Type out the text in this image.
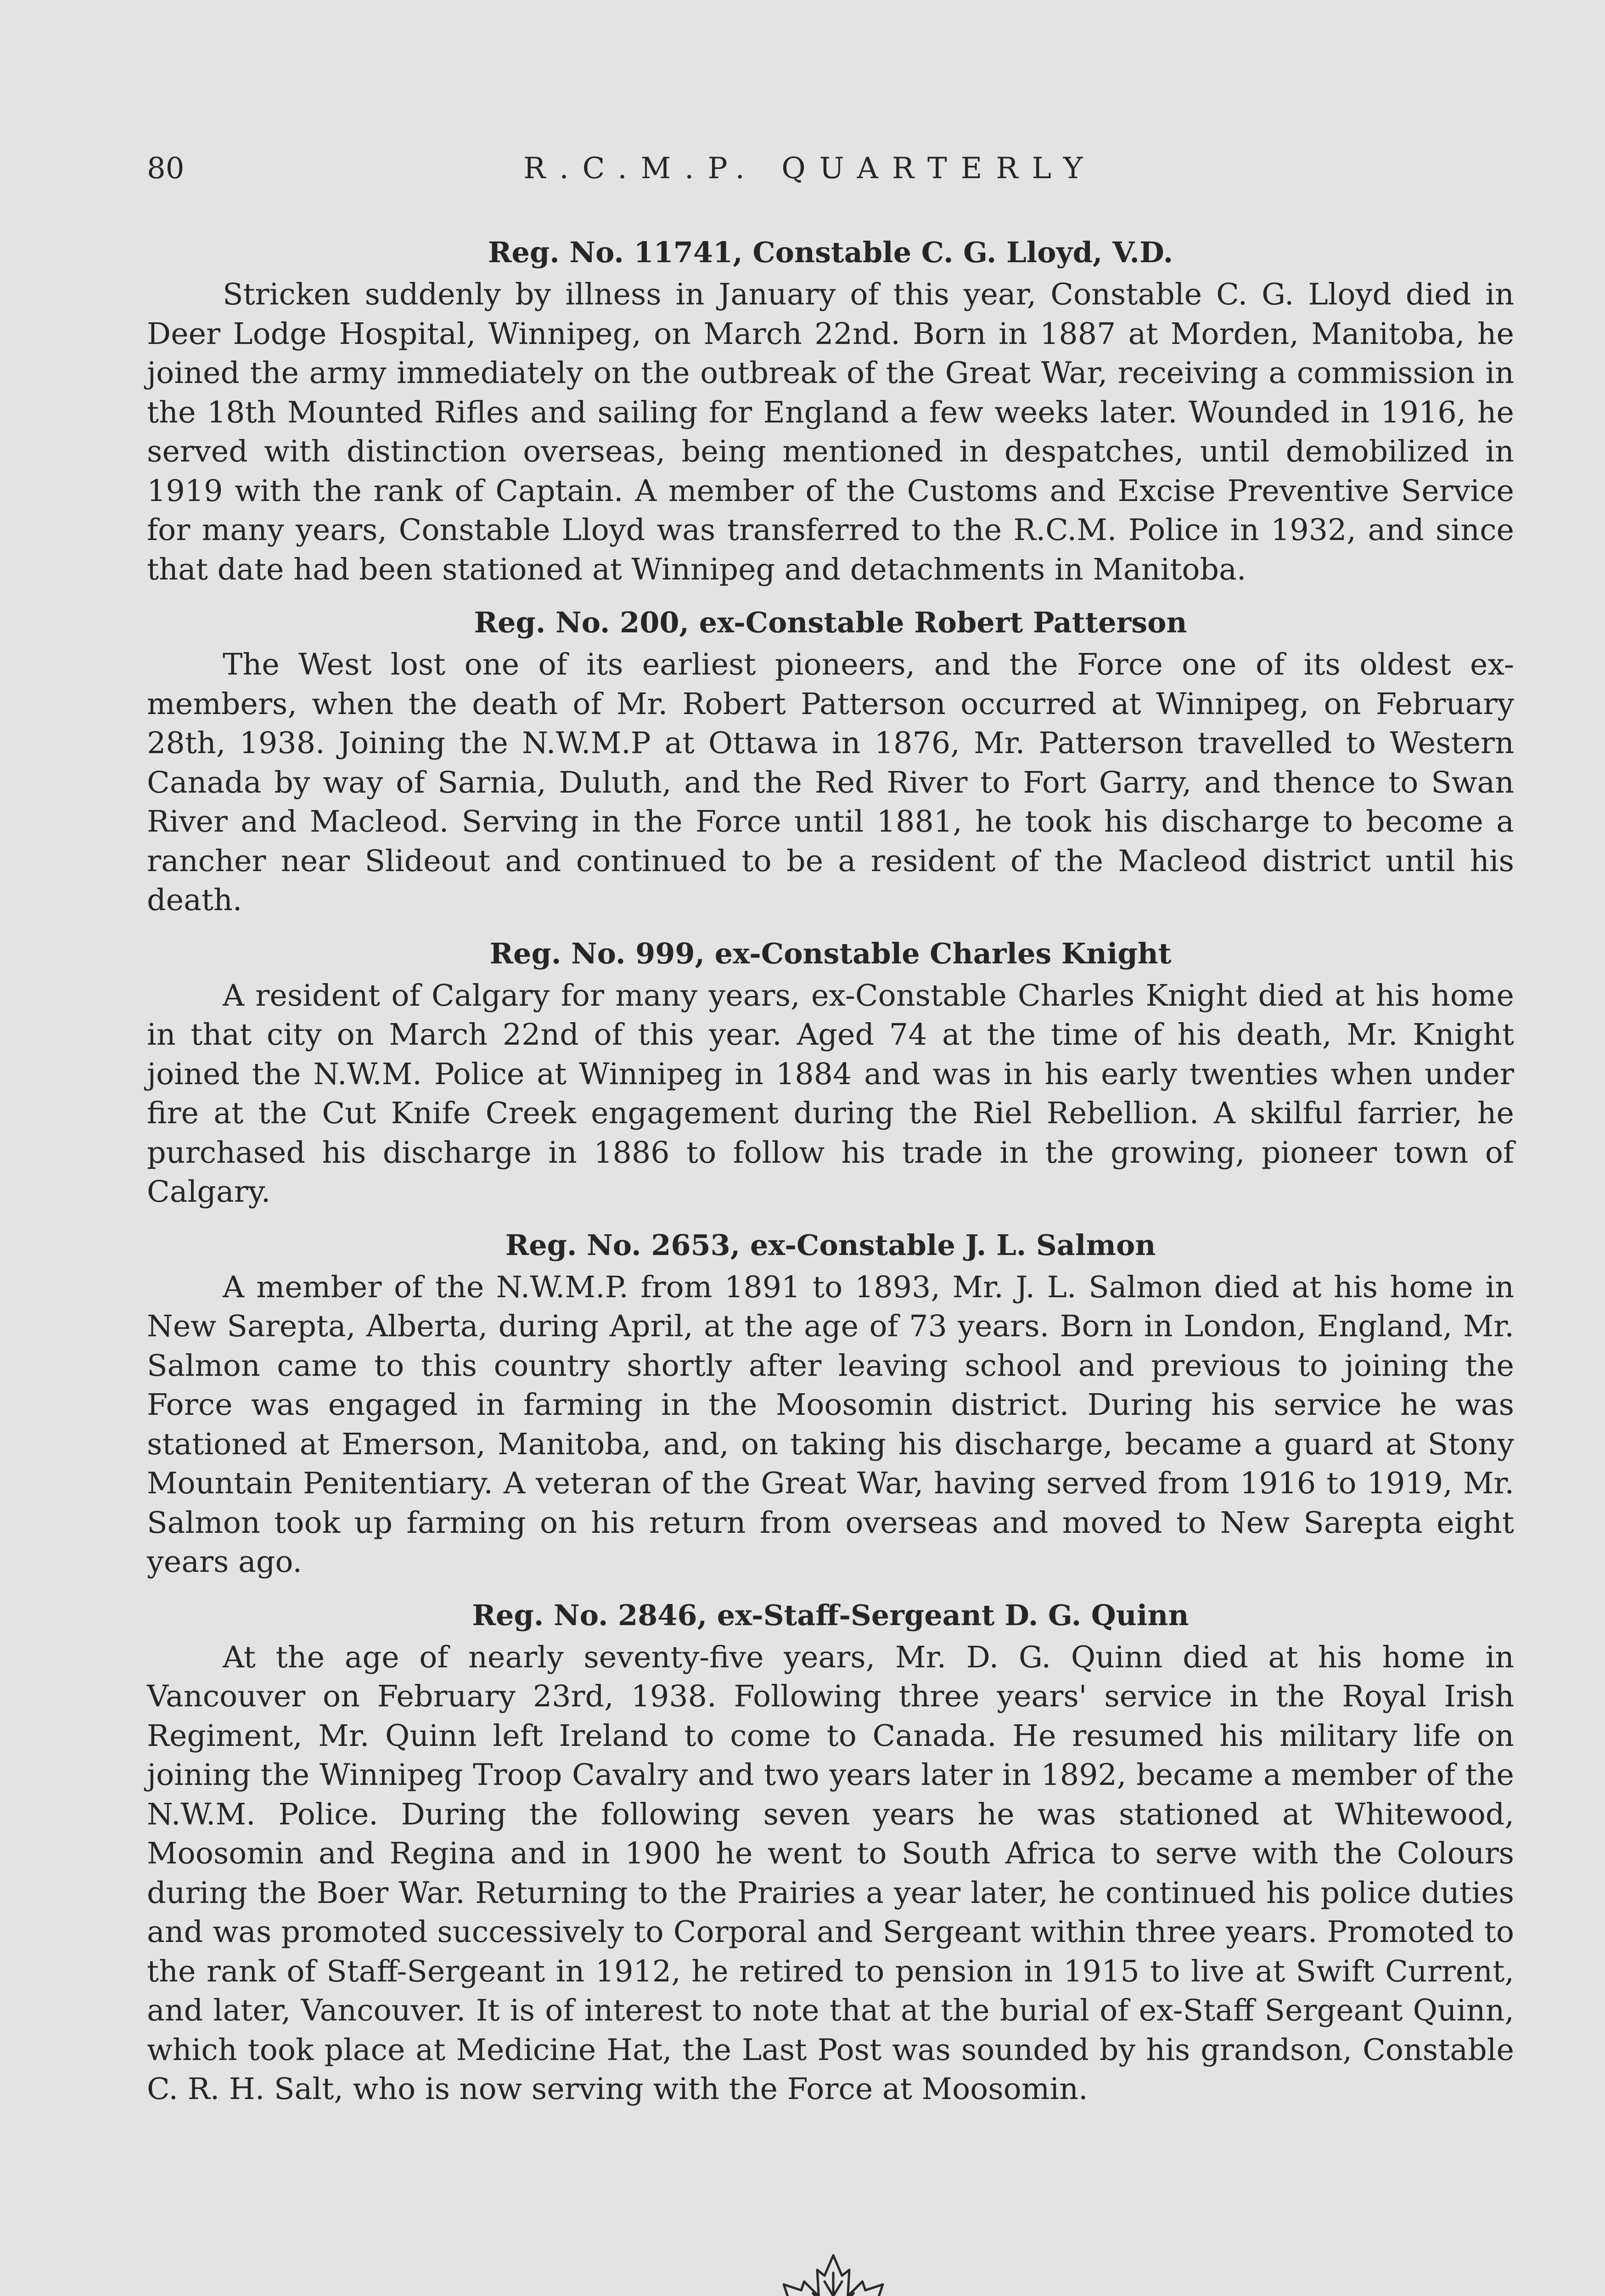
80	R.C.M.P. QUARTERLY
Reg. No. 11741, Constable C. G. Lloyd, V.D.

Stricken suddenly by illness in January of this year, Constable C. G. Lloyd died in Deer Lodge Hospital, Winnipeg, on March 22nd. Born in 1887 at Morden, Manitoba, he joined the army immediately on the outbreak of the Great War, receiving a commission in the 18th Mounted Rifles and sailing for England a few weeks later. Wounded in 1916, he served with distinction overseas, being mentioned in despatches, until demobilized in 1919 with the rank of Captain. A member of the Customs and Excise Preventive Service for many years, Constable Lloyd was transferred to the R.C.M. Police in 1932, and since that date had been stationed at Winnipeg and detachments in Manitoba.

Reg. No. 200, ex-Constable Robert Patterson

The West lost one of its earliest pioneers, and the Force one of its oldest ex-members, when the death of Mr. Robert Patterson occurred at Winnipeg, on February 28th, 1938. Joining the N.W.M.P at Ottawa in 1876, Mr. Patterson travelled to Western Canada by way of Sarnia, Duluth, and the Red River to Fort Garry, and thence to Swan River and Macleod. Serving in the Force until 1881, he took his discharge to become a rancher near Slideout and continued to be a resident of the Macleod district until his death.

Reg. No. 999, ex-Constable Charles Knight

A resident of Calgary for many years, ex-Constable Charles Knight died at his home in that city on March 22nd of this year. Aged 74 at the time of his death, Mr. Knight joined the N.W.M. Police at Winnipeg in 1884 and was in his early twenties when under fire at the Cut Knife Creek engagement during the Riel Rebellion. A skilful farrier, he purchased his discharge in 1886 to follow his trade in the growing, pioneer town of Calgary.

Reg. No. 2653, ex-Constable J. L. Salmon

A member of the N.W.M.P. from 1891 to 1893, Mr. J. L. Salmon died at his home in New Sarepta, Alberta, during April, at the age of 73 years. Born in London, England, Mr. Salmon came to this country shortly after leaving school and previous to joining the Force was engaged in farming in the Moosomin district. During his service he was stationed at Emerson, Manitoba, and, on taking his discharge, became a guard at Stony Mountain Penitentiary. A veteran of the Great War, having served from 1916 to 1919, Mr. Salmon took up farming on his return from overseas and moved to New Sarepta eight years ago.

Reg. No. 2846, ex-Staff-Sergeant D. G. Quinn

At the age of nearly seventy-five years, Mr. D. G. Quinn died at his home in Vancouver on February 23rd, 1938. Following three years' service in the Royal Irish Regiment, Mr. Quinn left Ireland to come to Canada. He resumed his military life on joining the Winnipeg Troop Cavalry and two years later in 1892, became a member of the N.W.M. Police. During the following seven years he was stationed at Whitewood, Moosomin and Regina and in 1900 he went to South Africa to serve with the Colours during the Boer War. Returning to the Prairies a year later, he continued his police duties and was promoted successively to Corporal and Sergeant within three years. Promoted to the rank of Staff-Sergeant in 1912, he retired to pension in 1915 to live at Swift Current, and later, Vancouver. It is of interest to note that at the burial of ex-Staff Sergeant Quinn, which took place at Medicine Hat, the Last Post was sounded by his grandson, Constable C. R. H. Salt, who is now serving with the Force at Moosomin.
